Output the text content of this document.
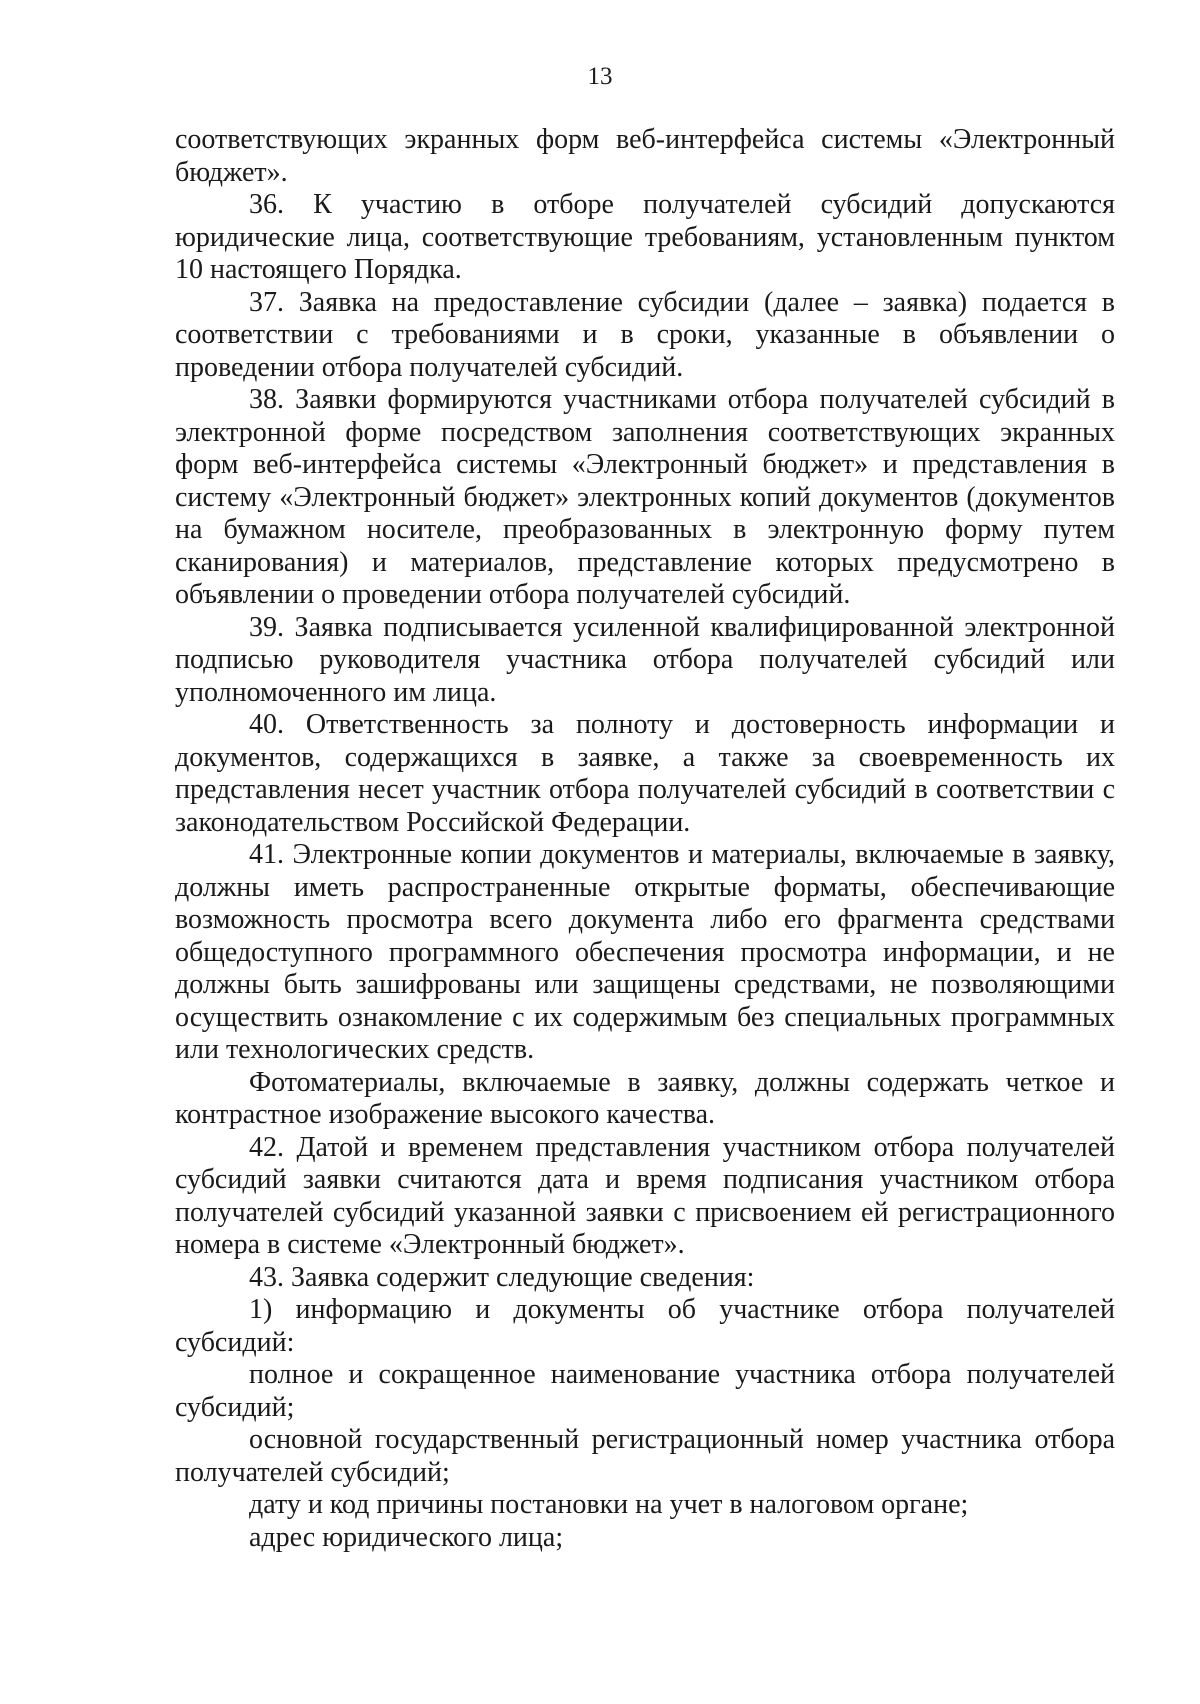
13

соответствующих экранных форм веб-интерфейса системы «Электронный бюджет».

36. К участию в отборе получателей субсидий допускаются юридические лица, соответствующие требованиям, установленным пунктом 10 настоящего Порядка.

37. Заявка на предоставление субсидии (далее – заявка) подается в соответствии с требованиями и в сроки, указанные в объявлении о проведении отбора получателей субсидий.

38. Заявки формируются участниками отбора получателей субсидий в электронной форме посредством заполнения соответствующих экранных форм веб-интерфейса системы «Электронный бюджет» и представления в систему «Электронный бюджет» электронных копий документов (документов на бумажном носителе, преобразованных в электронную форму путем сканирования) и материалов, представление которых предусмотрено в объявлении о проведении отбора получателей субсидий.

39. Заявка подписывается усиленной квалифицированной электронной подписью руководителя участника отбора получателей субсидий или уполномоченного им лица.

40. Ответственность за полноту и достоверность информации и документов, содержащихся в заявке, а также за своевременность их представления несет участник отбора получателей субсидий в соответствии с законодательством Российской Федерации.

41. Электронные копии документов и материалы, включаемые в заявку, должны иметь распространенные открытые форматы, обеспечивающие возможность просмотра всего документа либо его фрагмента средствами общедоступного программного обеспечения просмотра информации, и не должны быть зашифрованы или защищены средствами, не позволяющими осуществить ознакомление с их содержимым без специальных программных или технологических средств.

Фотоматериалы, включаемые в заявку, должны содержать четкое и контрастное изображение высокого качества.

42. Датой и временем представления участником отбора получателей субсидий заявки считаются дата и время подписания участником отбора получателей субсидий указанной заявки с присвоением ей регистрационного номера в системе «Электронный бюджет».

43. Заявка содержит следующие сведения:

1) информацию и документы об участнике отбора получателей субсидий:

полное и сокращенное наименование участника отбора получателей субсидий;

основной государственный регистрационный номер участника отбора получателей субсидий;

дату и код причины постановки на учет в налоговом органе;

адрес юридического лица;
